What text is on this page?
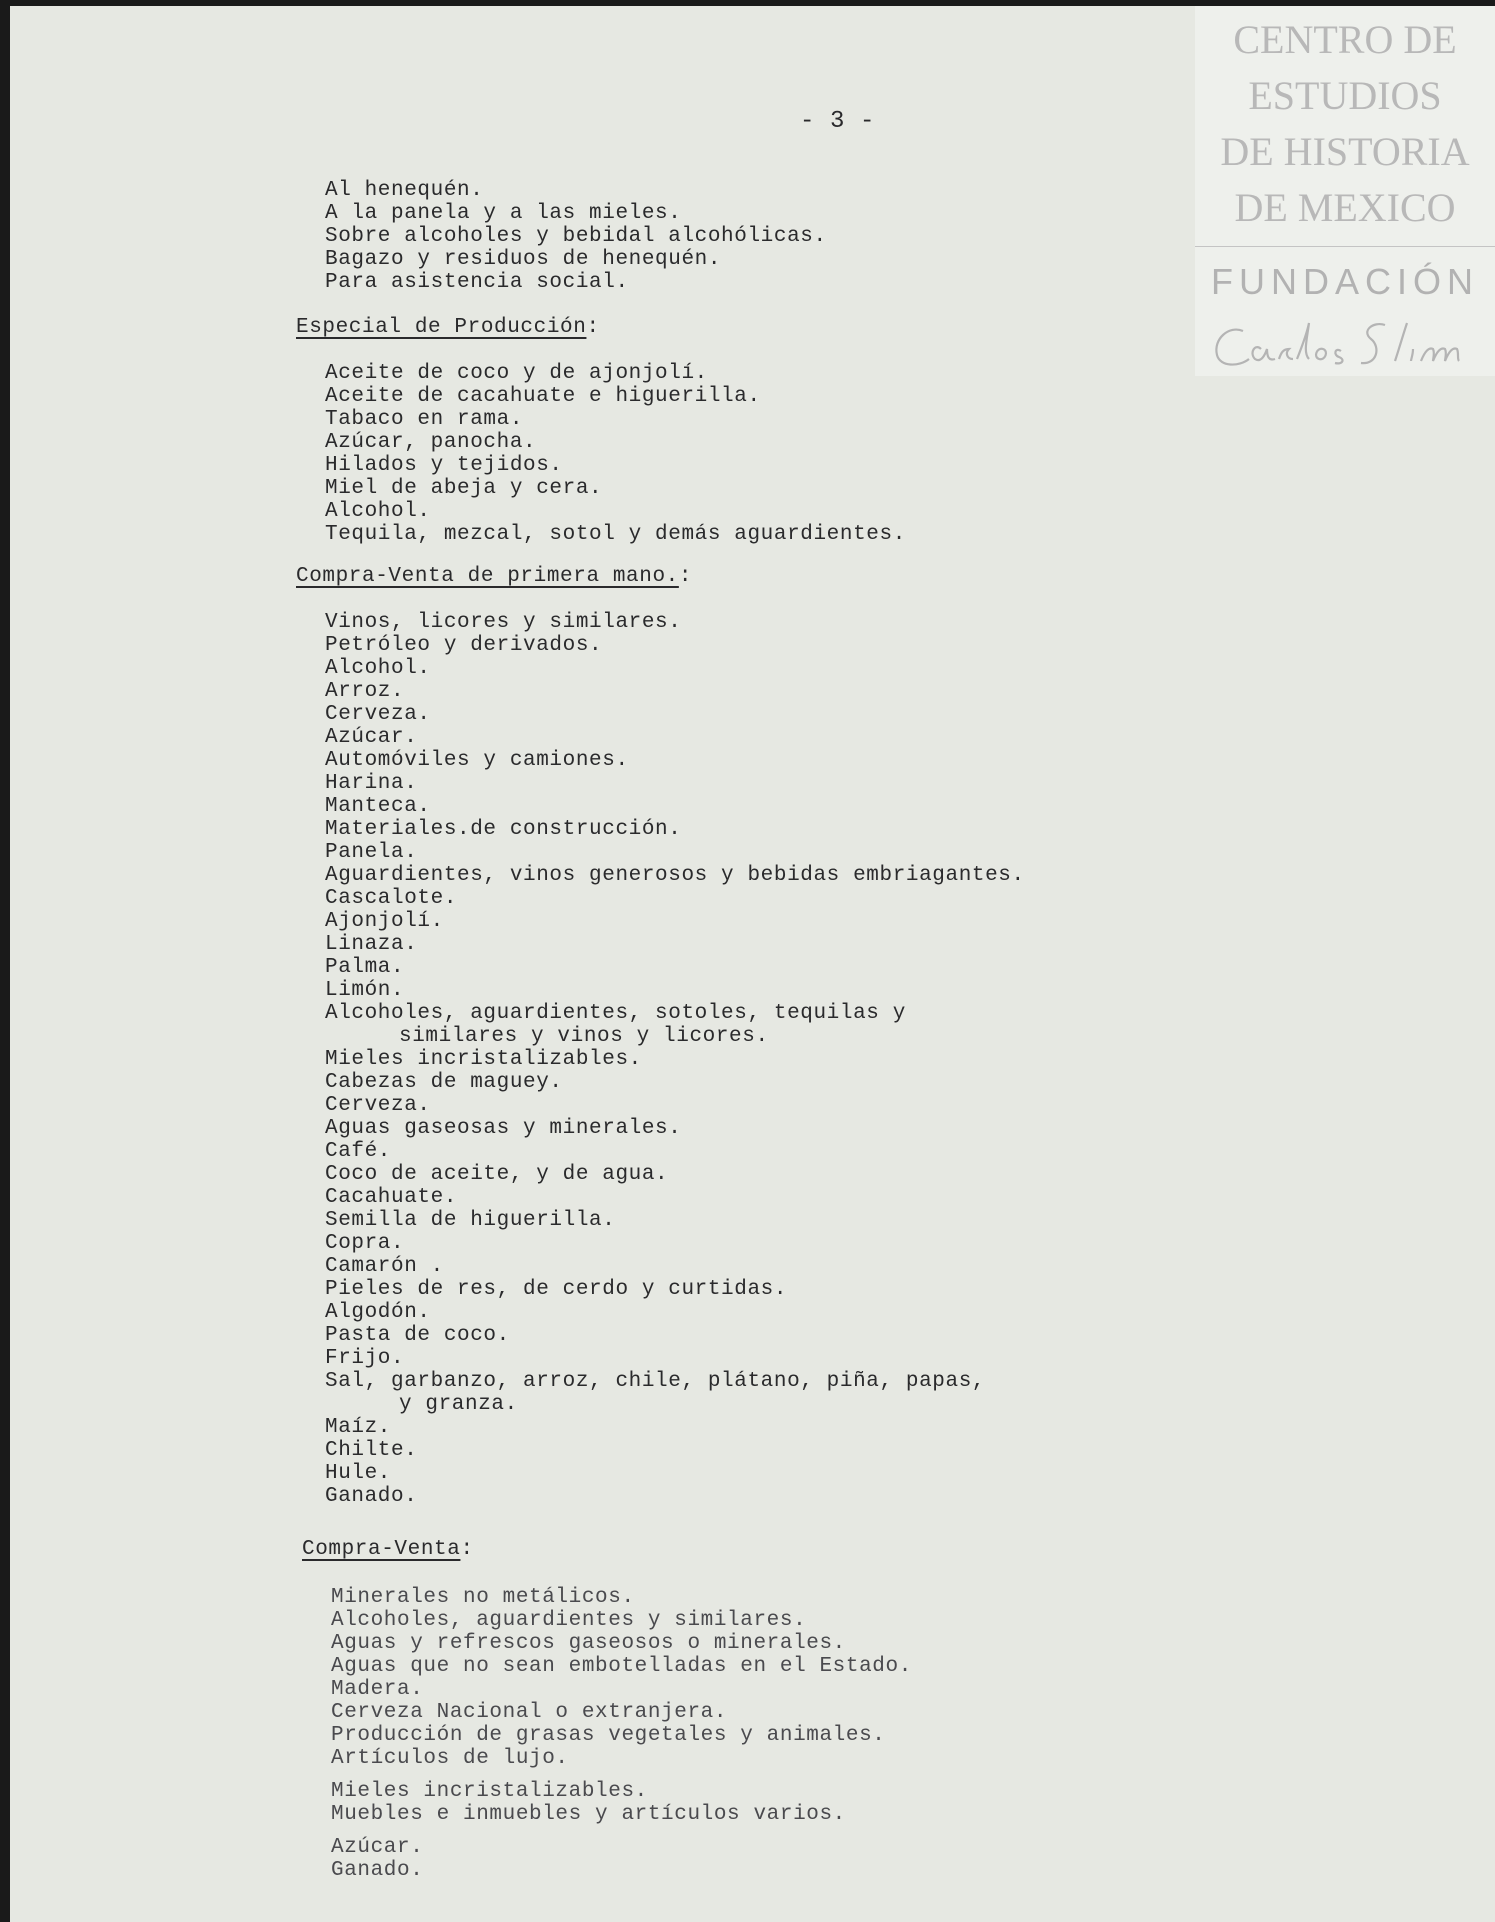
- 3 -
Al henequén.
A la panela y a las mieles.
Sobre alcoholes y bebidal alcohólicas.
Bagazo y residuos de henequén.
Para asistencia social.
Especial de Producción:
Aceite de coco y de ajonjolí.
Aceite de cacahuate e higuerilla.
Tabaco en rama.
Azúcar, panocha.
Hilados y tejidos.
Miel de abeja y cera.
Alcohol.
Tequila, mezcal, sotol y demás aguardientes.
Compra-Venta de primera mano.:
Vinos, licores y similares.
Petróleo y derivados.
Alcohol.
Arroz.
Cerveza.
Azúcar.
Automóviles y camiones.
Harina.
Manteca.
Materiales.de construcción.
Panela.
Aguardientes, vinos generosos y bebidas embriagantes.
Cascalote.
Ajonjolí.
Linaza.
Palma.
Limón.
Alcoholes, aguardientes, sotoles, tequilas y
similares y vinos y licores.
Mieles incristalizables.
Cabezas de maguey.
Cerveza.
Aguas gaseosas y minerales.
Café.
Coco de aceite, y de agua.
Cacahuate.
Semilla de higuerilla.
Copra.
Camarón .
Pieles de res, de cerdo y curtidas.
Algodón.
Pasta de coco.
Frijo.
Sal, garbanzo, arroz, chile, plátano, piña, papas,
y granza.
Maíz.
Chilte.
Hule.
Ganado.
Compra-Venta:
Minerales no metálicos.
Alcoholes, aguardientes y similares.
Aguas y refrescos gaseosos o minerales.
Aguas que no sean embotelladas en el Estado.
Madera.
Cerveza Nacional o extranjera.
Producción de grasas vegetales y animales.
Artículos de lujo.
Mieles incristalizables.
Muebles e inmuebles y artículos varios.
Azúcar.
Ganado.
CENTRO DE
ESTUDIOS
DE HISTORIA
DE MEXICO
FUNDACIÓN
